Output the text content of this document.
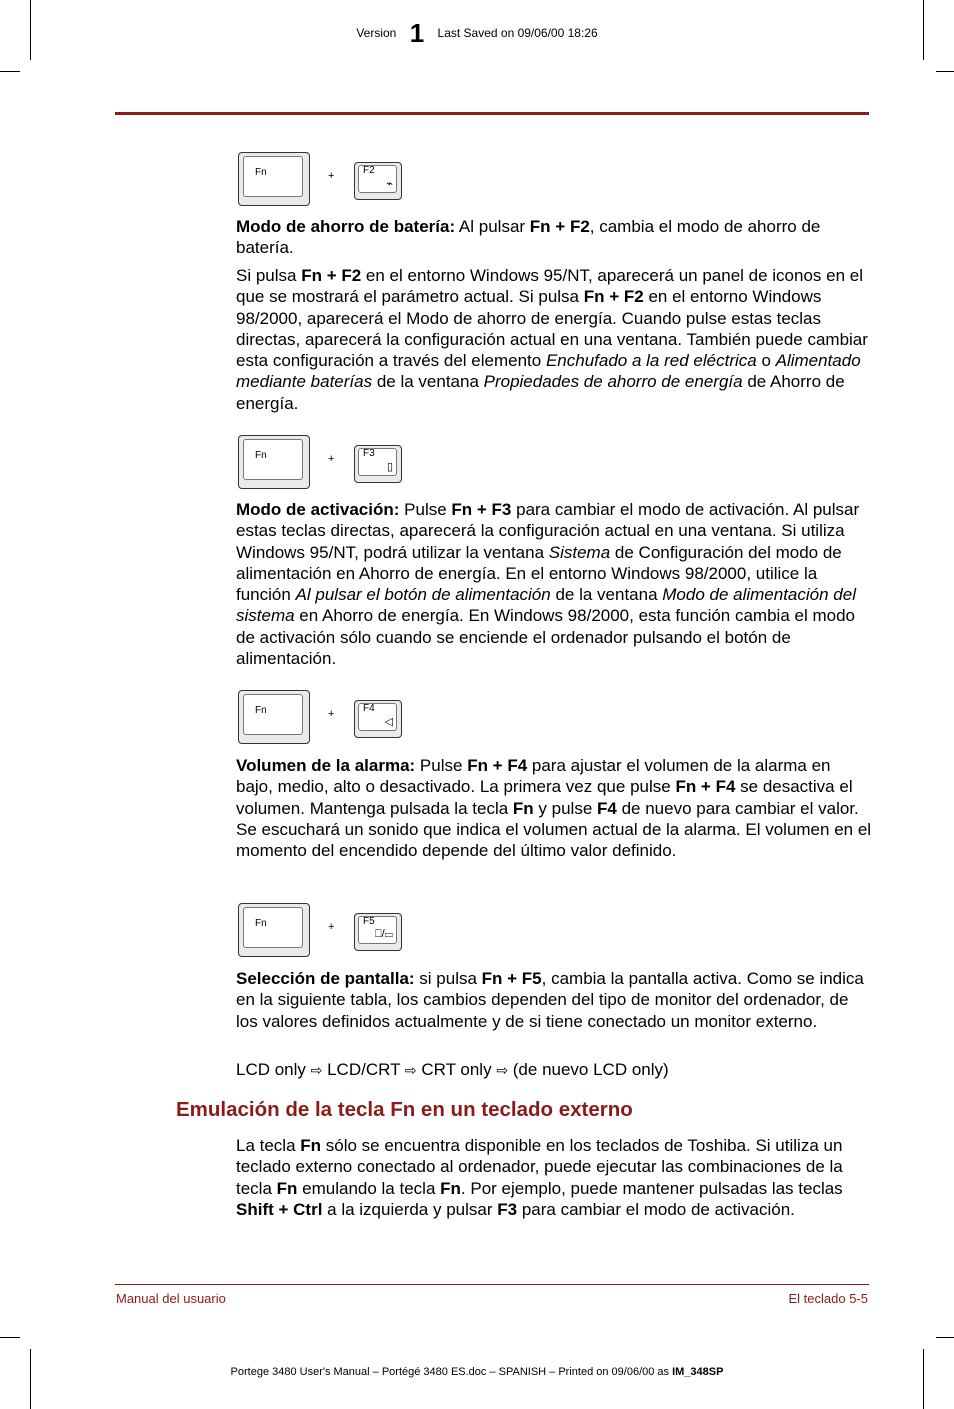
Version 1 Last Saved on 09/06/00 18:26
Fn	+	F2
⌁

Modo de ahorro de batería: Al pulsar Fn + F2, cambia el modo de ahorro de batería.

Si pulsa Fn + F2 en el entorno Windows 95/NT, aparecerá un panel de iconos en el que se mostrará el parámetro actual. Si pulsa Fn + F2 en el entorno Windows 98/2000, aparecerá el Modo de ahorro de energía. Cuando pulse estas teclas directas, aparecerá la configuración actual en una ventana. También puede cambiar esta configuración a través del elemento Enchufado a la red eléctrica o Alimentado mediante baterías de la ventana Propiedades de ahorro de energía de Ahorro de energía.

Fn	+	F3
▯

Modo de activación: Pulse Fn + F3 para cambiar el modo de activación. Al pulsar estas teclas directas, aparecerá la configuración actual en una ventana. Si utiliza Windows 95/NT, podrá utilizar la ventana Sistema de Configuración del modo de alimentación en Ahorro de energía. En el entorno Windows 98/2000, utilice la función Al pulsar el botón de alimentación de la ventana Modo de alimentación del sistema en Ahorro de energía. En Windows 98/2000, esta función cambia el modo de activación sólo cuando se enciende el ordenador pulsando el botón de alimentación.

Fn	+	F4
◁

Volumen de la alarma: Pulse Fn + F4 para ajustar el volumen de la alarma en bajo, medio, alto o desactivado. La primera vez que pulse Fn + F4 se desactiva el volumen. Mantenga pulsada la tecla Fn y pulse F4 de nuevo para cambiar el valor. Se escuchará un sonido que indica el volumen actual de la alarma. El volumen en el momento del encendido depende del último valor definido.

Fn	+	F5
⎕/▭

Selección de pantalla: si pulsa Fn + F5, cambia la pantalla activa. Como se indica en la siguiente tabla, los cambios dependen del tipo de monitor del ordenador, de los valores definidos actualmente y de si tiene conectado un monitor externo.

LCD only ⇨ LCD/CRT ⇨ CRT only ⇨ (de nuevo LCD only)

Emulación de la tecla Fn en un teclado externo

La tecla Fn sólo se encuentra disponible en los teclados de Toshiba. Si utiliza un teclado externo conectado al ordenador, puede ejecutar las combinaciones de la tecla Fn emulando la tecla Fn. Por ejemplo, puede mantener pulsadas las teclas Shift + Ctrl a la izquierda y pulsar F3 para cambiar el modo de activación.

Manual del usuario	El teclado 5-5
Portege 3480 User's Manual – Portégé 3480 ES.doc – SPANISH – Printed on 09/06/00 as IM_348SP
